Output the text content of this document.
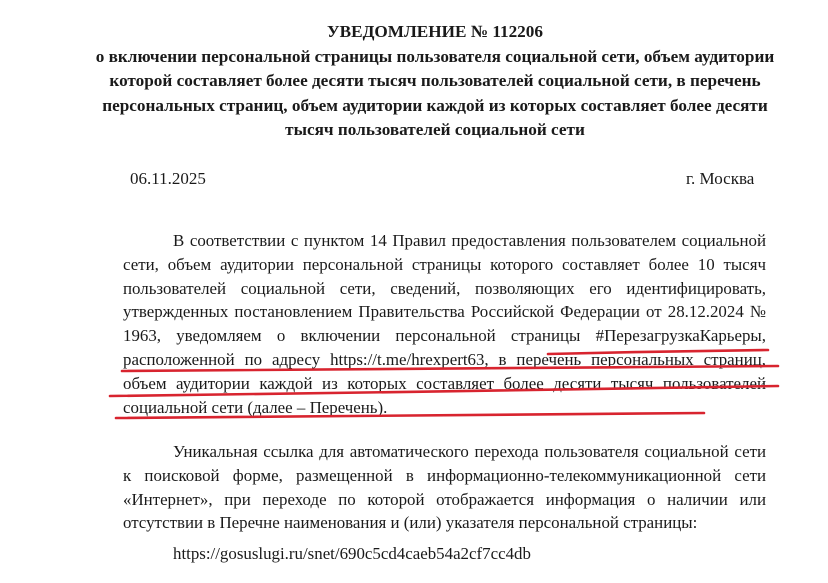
УВЕДОМЛЕНИЕ № 112206
о включении персональной страницы пользователя социальной сети, объем аудитории которой составляет более десяти тысяч пользователей социальной сети, в перечень персональных страниц, объем аудитории каждой из которых составляет более десяти тысяч пользователей социальной сети
06.11.2025	г. Москва

В соответствии с пунктом 14 Правил предоставления пользователем социальной сети, объем аудитории персональной страницы которого составляет более 10 тысяч пользователей социальной сети, сведений, позволяющих его идентифицировать, утвержденных постановлением Правительства Российской Федерации от 28.12.2024 № 1963, уведомляем о включении персональной страницы #ПерезагрузкаКарьеры, расположенной по адресу https://t.me/hrexpert63, в перечень персональных страниц, объем аудитории каждой из которых составляет более десяти тысяч пользователей социальной сети (далее – Перечень).

Уникальная ссылка для автоматического перехода пользователя социальной сети к поисковой форме, размещенной в информационно-телекоммуникационной сети «Интернет», при переходе по которой отображается информация о наличии или отсутствии в Перечне наименования и (или) указателя персональной страницы:

https://gosuslugi.ru/snet/690c5cd4caeb54a2cf7cc4db
